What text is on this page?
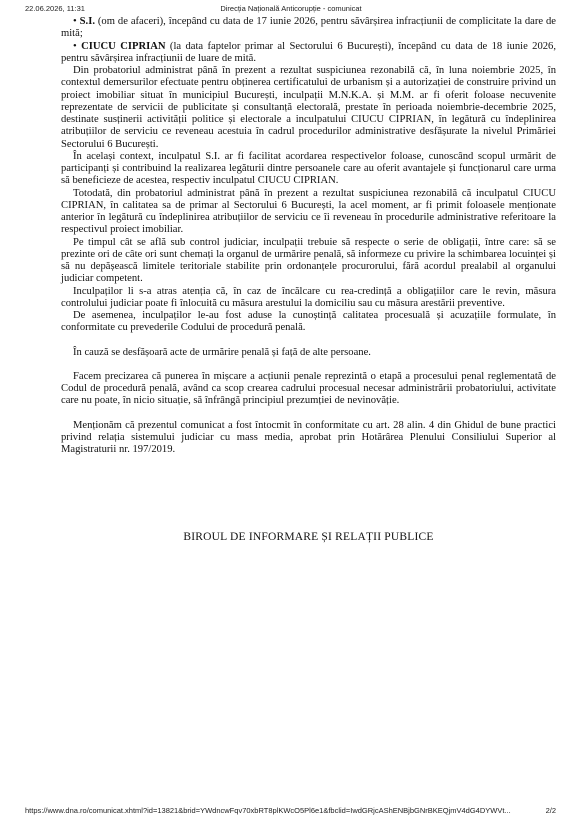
22.06.2026, 11:31	Direcția Națională Anticorupție - comunicat

• S.I. (om de afaceri), începând cu data de 17 iunie 2026, pentru săvârșirea infracțiunii de complicitate la dare de mită;

• CIUCU CIPRIAN (la data faptelor primar al Sectorului 6 București), începând cu data de 18 iunie 2026, pentru săvârșirea infracțiunii de luare de mită.

Din probatoriul administrat până în prezent a rezultat suspiciunea rezonabilă că, în luna noiembrie 2025, în contextul demersurilor efectuate pentru obținerea certificatului de urbanism și a autorizației de construire privind un proiect imobiliar situat în municipiul București, inculpații M.N.K.A. și M.M. ar fi oferit foloase necuvenite reprezentate de servicii de publicitate și consultanță electorală, prestate în perioada noiembrie-decembrie 2025, destinate susținerii activității politice și electorale a inculpatului CIUCU CIPRIAN, în legătură cu îndeplinirea atribuțiilor de serviciu ce reveneau acestuia în cadrul procedurilor administrative desfășurate la nivelul Primăriei Sectorului 6 București.

În același context, inculpatul S.I. ar fi facilitat acordarea respectivelor foloase, cunoscând scopul urmărit de participanți și contribuind la realizarea legăturii dintre persoanele care au oferit avantajele și funcționarul care urma să beneficieze de acestea, respectiv inculpatul CIUCU CIPRIAN.

Totodată, din probatoriul administrat până în prezent a rezultat suspiciunea rezonabilă că inculpatul CIUCU CIPRIAN, în calitatea sa de primar al Sectorului 6 București, la acel moment, ar fi primit foloasele menționate anterior în legătură cu îndeplinirea atribuțiilor de serviciu ce îi reveneau în procedurile administrative referitoare la respectivul proiect imobiliar.

Pe timpul cât se află sub control judiciar, inculpații trebuie să respecte o serie de obligații, între care: să se prezinte ori de câte ori sunt chemați la organul de urmărire penală, să informeze cu privire la schimbarea locuinței și să nu depășească limitele teritoriale stabilite prin ordonanțele procurorului, fără acordul prealabil al organului judiciar competent.

Inculpaților li s-a atras atenția că, în caz de încălcare cu rea-credință a obligațiilor care le revin, măsura controlului judiciar poate fi înlocuită cu măsura arestului la domiciliu sau cu măsura arestării preventive.

De asemenea, inculpaților le-au fost aduse la cunoștință calitatea procesuală și acuzațiile formulate, în conformitate cu prevederile Codului de procedură penală.

În cauză se desfășoară acte de urmărire penală și față de alte persoane.

Facem precizarea că punerea în mișcare a acțiunii penale reprezintă o etapă a procesului penal reglementată de Codul de procedură penală, având ca scop crearea cadrului procesual necesar administrării probatoriului, activitate care nu poate, în nicio situație, să înfrângă principiul prezumției de nevinovăție.

Menționăm că prezentul comunicat a fost întocmit în conformitate cu art. 28 alin. 4 din Ghidul de bune practici privind relația sistemului judiciar cu mass media, aprobat prin Hotărârea Plenului Consiliului Superior al Magistraturii nr. 197/2019.

BIROUL DE INFORMARE ȘI RELAȚII PUBLICE
https://www.dna.ro/comunicat.xhtml?id=13821&brid=YWdncwFqv70xbRT8plKWcO5Pl6e1&fbclid=IwdGRjcAShENBjbGNrBKEQjmV4dG4DYWVt...	2/2
